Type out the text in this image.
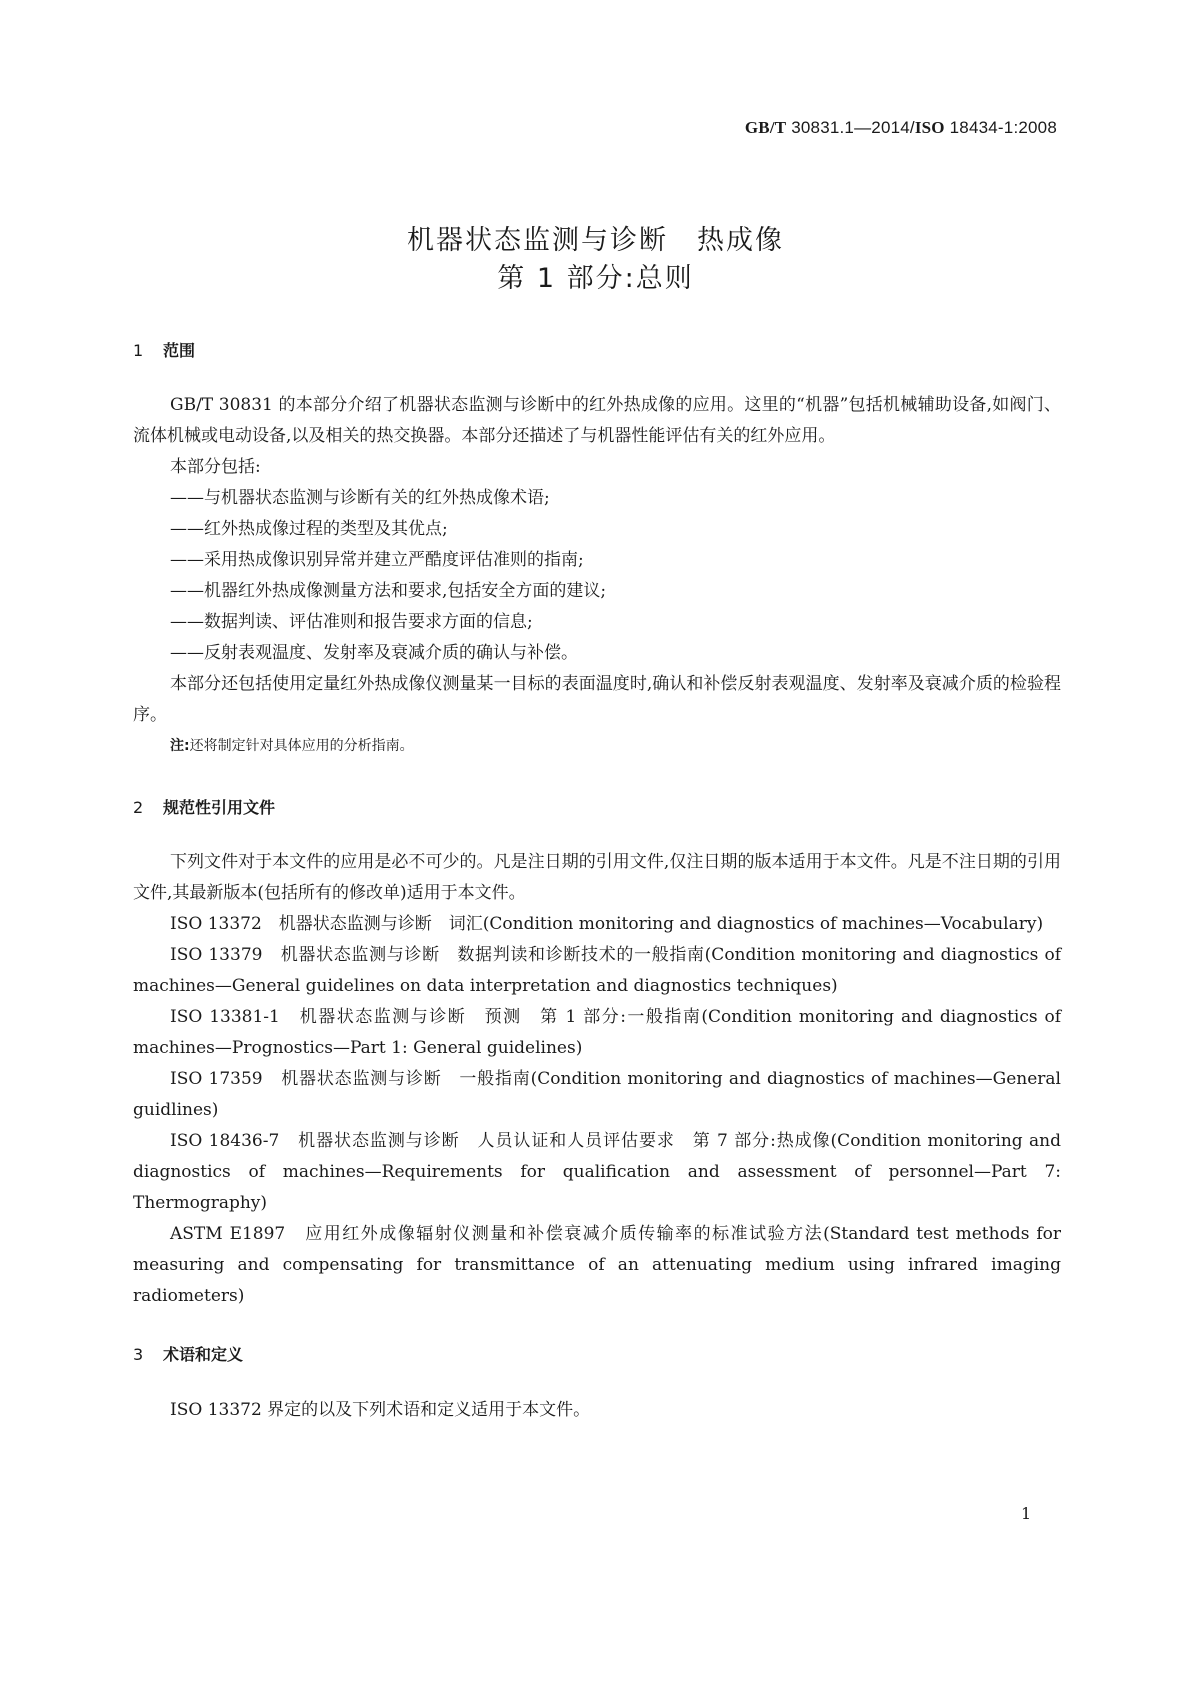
GB/T 30831.1—2014/ISO 18434-1:2008
机器状态监测与诊断　热成像
第 1 部分:总则
1 范围
GB/T 30831 的本部分介绍了机器状态监测与诊断中的红外热成像的应用。这里的“机器”包括机械辅助设备,如阀门、流体机械或电动设备,以及相关的热交换器。本部分还描述了与机器性能评估有关的红外应用。
本部分包括:
——与机器状态监测与诊断有关的红外热成像术语;
——红外热成像过程的类型及其优点;
——采用热成像识别异常并建立严酷度评估准则的指南;
——机器红外热成像测量方法和要求,包括安全方面的建议;
——数据判读、评估准则和报告要求方面的信息;
——反射表观温度、发射率及衰减介质的确认与补偿。
本部分还包括使用定量红外热成像仪测量某一目标的表面温度时,确认和补偿反射表观温度、发射率及衰减介质的检验程序。
注:还将制定针对具体应用的分析指南。
2 规范性引用文件
下列文件对于本文件的应用是必不可少的。凡是注日期的引用文件,仅注日期的版本适用于本文件。凡是不注日期的引用文件,其最新版本(包括所有的修改单)适用于本文件。
ISO 13372　机器状态监测与诊断　词汇(Condition monitoring and diagnostics of machines—Vocabulary)
ISO 13379　机器状态监测与诊断　数据判读和诊断技术的一般指南(Condition monitoring and diagnostics of machines—General guidelines on data interpretation and diagnostics techniques)
ISO 13381-1　机器状态监测与诊断　预测　第 1 部分:一般指南(Condition monitoring and diagnostics of machines—Prognostics—Part 1: General guidelines)
ISO 17359　机器状态监测与诊断　一般指南(Condition monitoring and diagnostics of machines—General guidlines)
ISO 18436-7　机器状态监测与诊断　人员认证和人员评估要求　第 7 部分:热成像(Condition monitoring and diagnostics of machines—Requirements for qualification and assessment of personnel—Part 7: Thermography)
ASTM E1897　应用红外成像辐射仪测量和补偿衰减介质传输率的标准试验方法(Standard test methods for measuring and compensating for transmittance of an attenuating medium using infrared imaging radiometers)
3 术语和定义
ISO 13372 界定的以及下列术语和定义适用于本文件。
1
